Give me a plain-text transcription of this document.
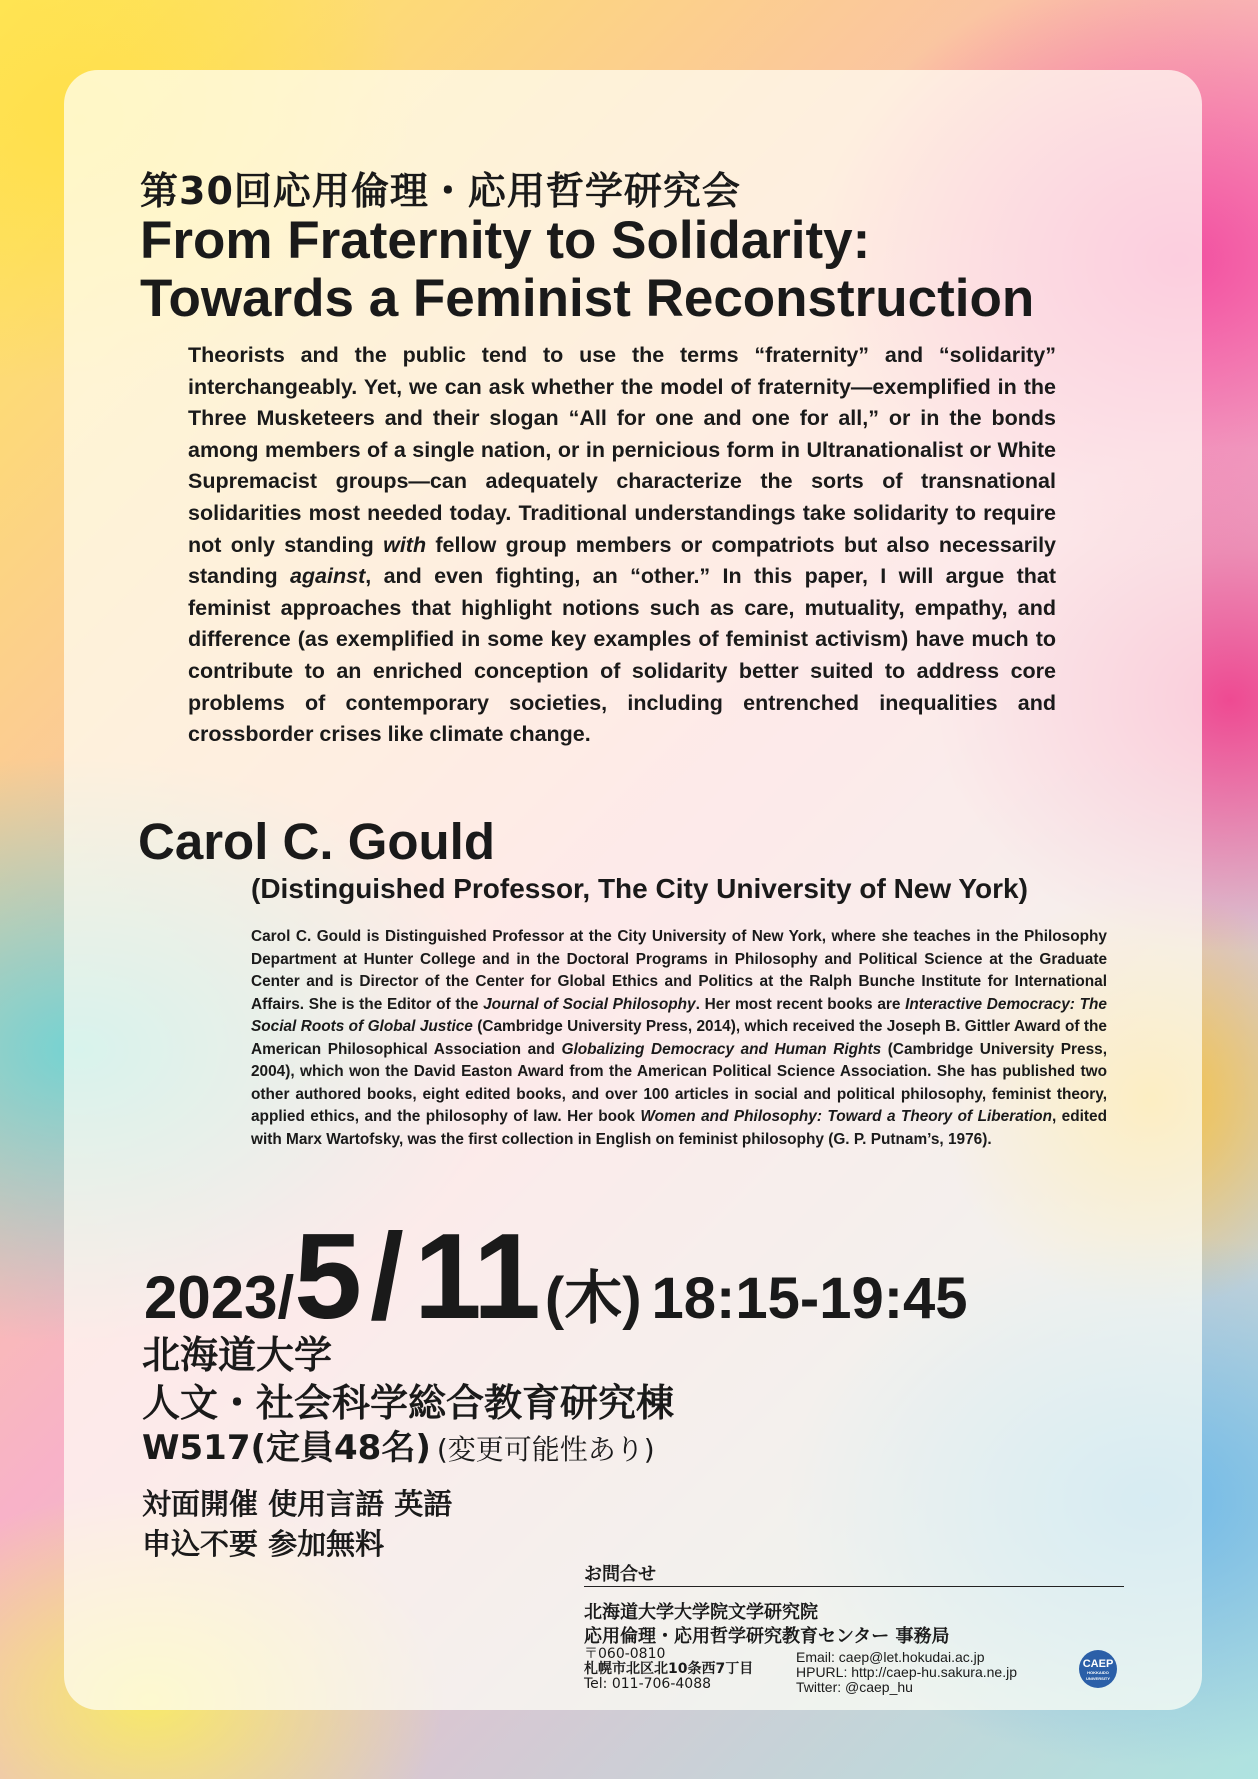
第30回応用倫理・応用哲学研究会
From Fraternity to Solidarity:
Towards a Feminist Reconstruction
Theorists and the public tend to use the terms “fraternity” and “solidarity” interchangeably. Yet, we can ask whether the model of fraternity—exemplified in the Three Musketeers and their slogan “All for one and one for all,” or in the bonds among members of a single nation, or in pernicious form in Ultranationalist or White Supremacist groups—can adequately characterize the sorts of transnational solidarities most needed today. Traditional understandings take solidarity to require not only standing with fellow group members or compatriots but also necessarily standing against, and even fighting, an “other.” In this paper, I will argue that feminist approaches that highlight notions such as care, mutuality, empathy, and difference (as exemplified in some key examples of feminist activism) have much to contribute to an enriched conception of solidarity better suited to address core problems of contemporary societies, including entrenched inequalities and crossborder crises like climate change.
Carol C. Gould
(Distinguished Professor, The City University of New York)
Carol C. Gould is Distinguished Professor at the City University of New York, where she teaches in the Philosophy Department at Hunter College and in the Doctoral Programs in Philosophy and Political Science at the Graduate Center and is Director of the Center for Global Ethics and Politics at the Ralph Bunche Institute for International Affairs. She is the Editor of the Journal of Social Philosophy. Her most recent books are Interactive Democracy: The Social Roots of Global Justice (Cambridge University Press, 2014), which received the Joseph B. Gittler Award of the American Philosophical Association and Globalizing Democracy and Human Rights (Cambridge University Press, 2004), which won the David Easton Award from the American Political Science Association. She has published two other authored books, eight edited books, and over 100 articles in social and political philosophy, feminist theory, applied ethics, and the philosophy of law. Her book Women and Philosophy: Toward a Theory of Liberation, edited with Marx Wartofsky, was the first collection in English on feminist philosophy (G. P. Putnam’s, 1976).
2023/5/11 (木) 18:15-19:45
北海道大学
人文・社会科学総合教育研究棟
W517(定員48名) (変更可能性あり)
対面開催 使用言語 英語
申込不要 参加無料
お問合せ
北海道大学大学院文学研究院
応用倫理・応用哲学研究教育センター 事務局
〒060-0810
札幌市北区北10条西7丁目
Tel: 011-706-4088
Email: caep@let.hokudai.ac.jp
HPURL: http://caep-hu.sakura.ne.jp
Twitter: @caep_hu
CAEP
HOKKAIDO UNIVERSITY
